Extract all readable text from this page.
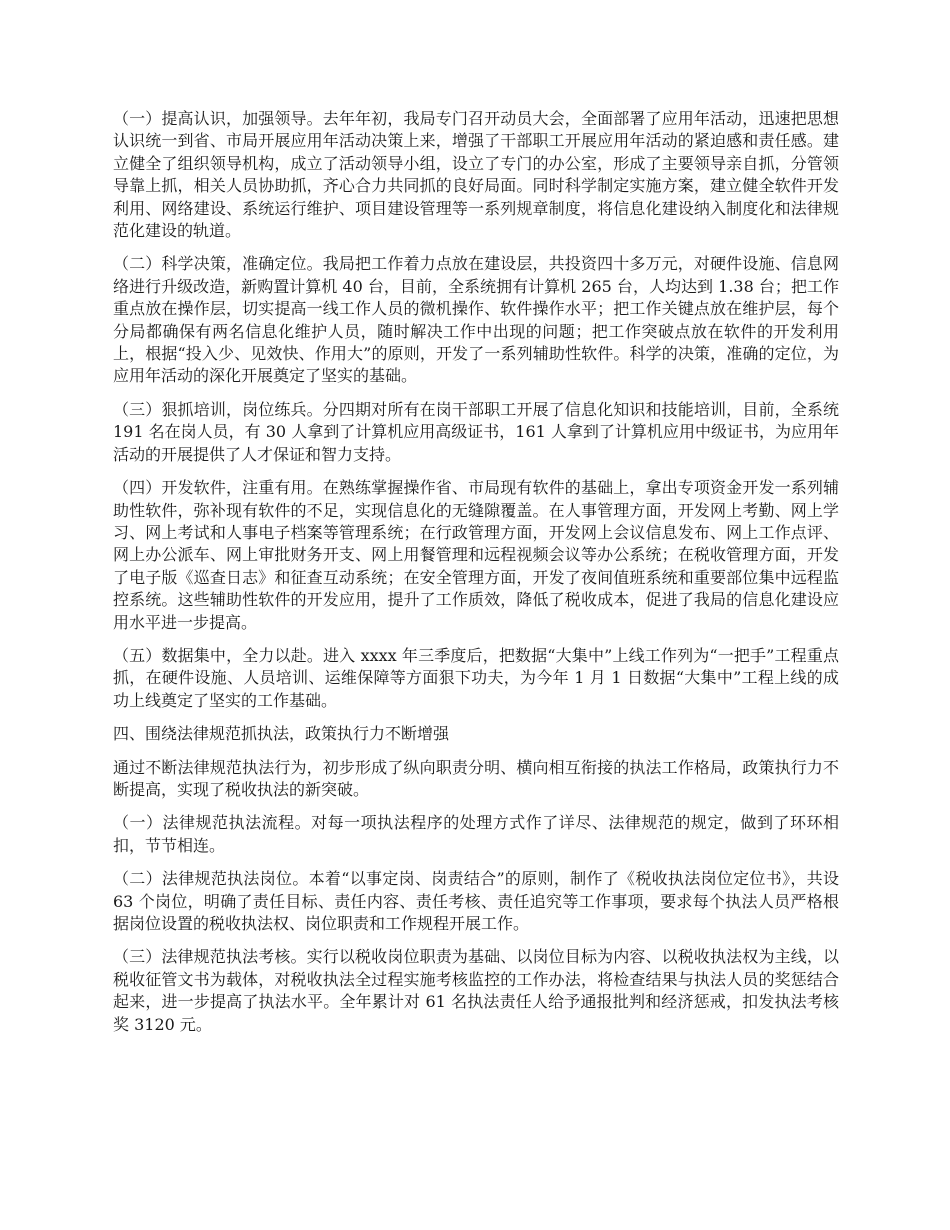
（一）提高认识，加强领导。去年年初，我局专门召开动员大会，全面部署了应用年活动，迅速把思想认识统一到省、市局开展应用年活动决策上来，增强了干部职工开展应用年活动的紧迫感和责任感。建立健全了组织领导机构，成立了活动领导小组，设立了专门的办公室，形成了主要领导亲自抓，分管领导靠上抓，相关人员协助抓，齐心合力共同抓的良好局面。同时科学制定实施方案，建立健全软件开发利用、网络建设、系统运行维护、项目建设管理等一系列规章制度，将信息化建设纳入制度化和法律规范化建设的轨道。

（二）科学决策，准确定位。我局把工作着力点放在建设层，共投资四十多万元，对硬件设施、信息网络进行升级改造，新购置计算机 40 台，目前，全系统拥有计算机 265 台，人均达到 1.38 台；把工作重点放在操作层，切实提高一线工作人员的微机操作、软件操作水平；把工作关键点放在维护层，每个分局都确保有两名信息化维护人员，随时解决工作中出现的问题；把工作突破点放在软件的开发利用上，根据“投入少、见效快、作用大”的原则，开发了一系列辅助性软件。科学的决策，准确的定位，为应用年活动的深化开展奠定了坚实的基础。

（三）狠抓培训，岗位练兵。分四期对所有在岗干部职工开展了信息化知识和技能培训，目前，全系统 191 名在岗人员，有 30 人拿到了计算机应用高级证书，161 人拿到了计算机应用中级证书，为应用年活动的开展提供了人才保证和智力支持。

（四）开发软件，注重有用。在熟练掌握操作省、市局现有软件的基础上，拿出专项资金开发一系列辅助性软件，弥补现有软件的不足，实现信息化的无缝隙覆盖。在人事管理方面，开发网上考勤、网上学习、网上考试和人事电子档案等管理系统；在行政管理方面，开发网上会议信息发布、网上工作点评、网上办公派车、网上审批财务开支、网上用餐管理和远程视频会议等办公系统；在税收管理方面，开发了电子版《巡查日志》和征查互动系统；在安全管理方面，开发了夜间值班系统和重要部位集中远程监控系统。这些辅助性软件的开发应用，提升了工作质效，降低了税收成本，促进了我局的信息化建设应用水平进一步提高。

（五）数据集中，全力以赴。进入 xxxx 年三季度后，把数据“大集中”上线工作列为“一把手”工程重点抓，在硬件设施、人员培训、运维保障等方面狠下功夫，为今年 1 月 1 日数据“大集中”工程上线的成功上线奠定了坚实的工作基础。

四、围绕法律规范抓执法，政策执行力不断增强

通过不断法律规范执法行为，初步形成了纵向职责分明、横向相互衔接的执法工作格局，政策执行力不断提高，实现了税收执法的新突破。

（一）法律规范执法流程。对每一项执法程序的处理方式作了详尽、法律规范的规定，做到了环环相扣，节节相连。

（二）法律规范执法岗位。本着“以事定岗、岗责结合”的原则，制作了《税收执法岗位定位书》，共设 63 个岗位，明确了责任目标、责任内容、责任考核、责任追究等工作事项，要求每个执法人员严格根据岗位设置的税收执法权、岗位职责和工作规程开展工作。

（三）法律规范执法考核。实行以税收岗位职责为基础、以岗位目标为内容、以税收执法权为主线，以税收征管文书为载体，对税收执法全过程实施考核监控的工作办法，将检查结果与执法人员的奖惩结合起来，进一步提高了执法水平。全年累计对 61 名执法责任人给予通报批判和经济惩戒，扣发执法考核奖 3120 元。
